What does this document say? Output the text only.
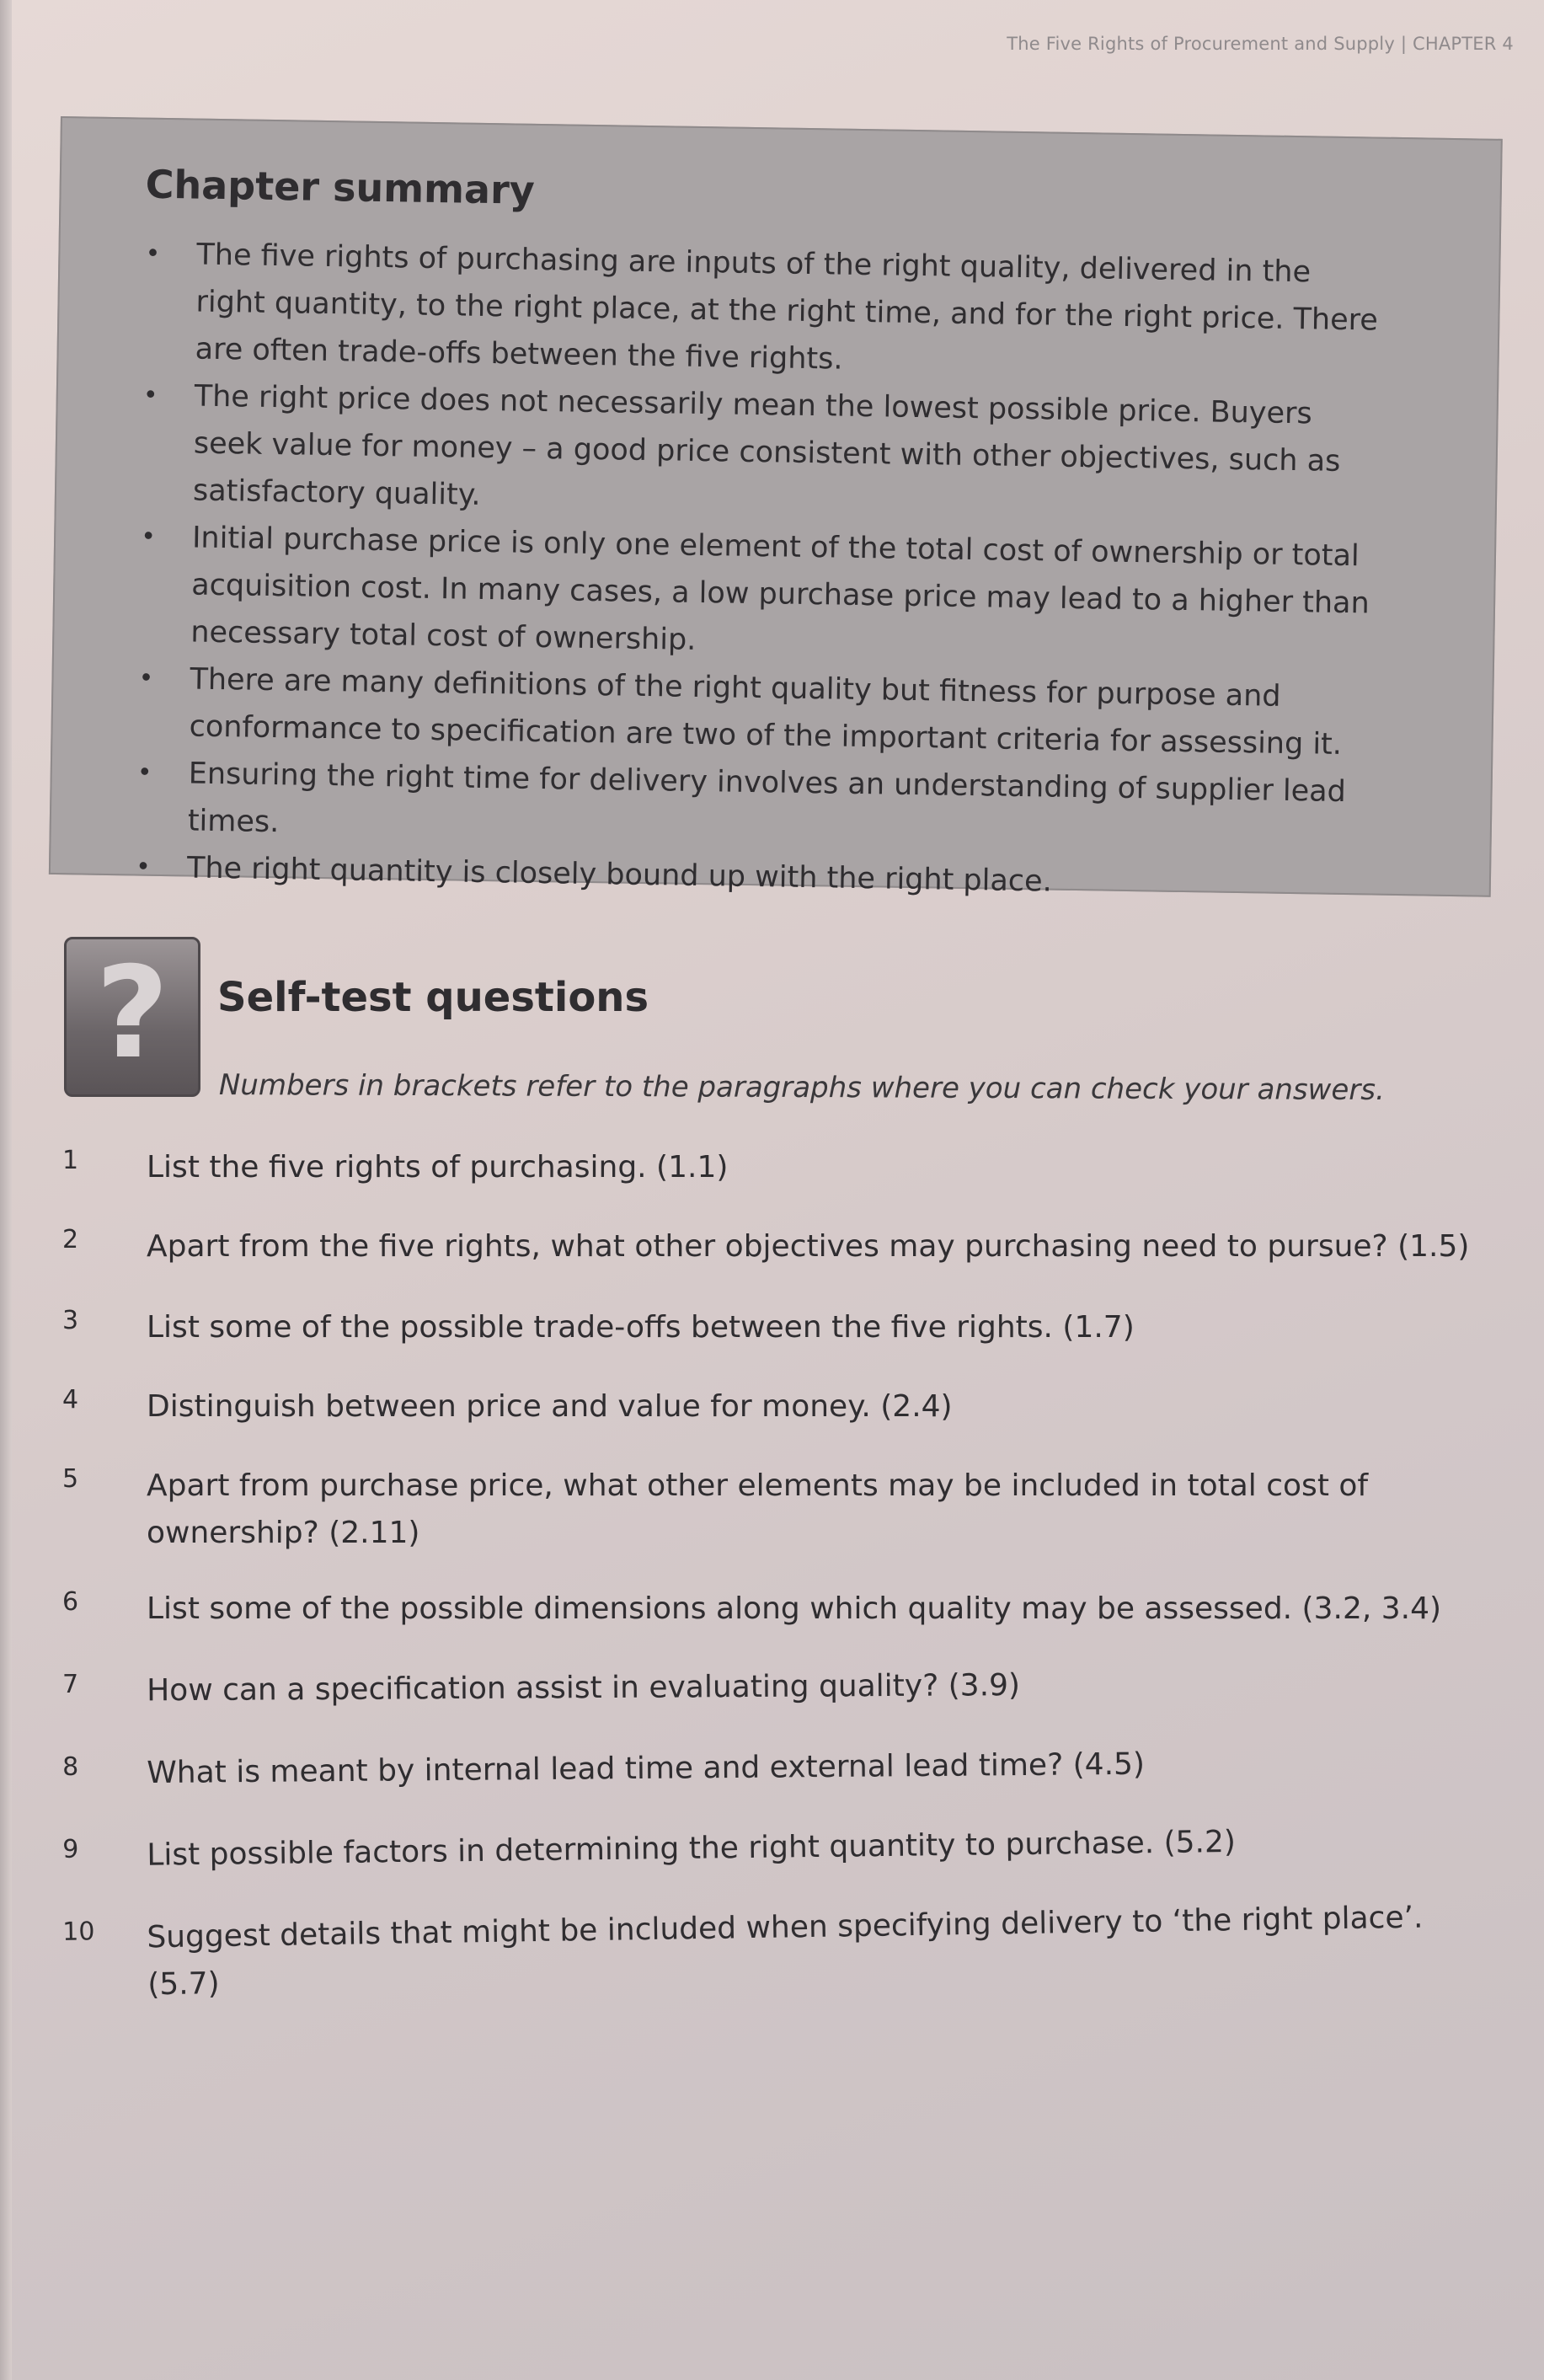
The Five Rights of Procurement and Supply | CHAPTER 4
Chapter summary
• The five rights of purchasing are inputs of the right quality, delivered in the right quantity, to the right place, at the right time, and for the right price. There are often trade-offs between the five rights.
• The right price does not necessarily mean the lowest possible price. Buyers seek value for money – a good price consistent with other objectives, such as satisfactory quality.
• Initial purchase price is only one element of the total cost of ownership or total acquisition cost. In many cases, a low purchase price may lead to a higher than necessary total cost of ownership.
• There are many definitions of the right quality but fitness for purpose and conformance to specification are two of the important criteria for assessing it.
• Ensuring the right time for delivery involves an understanding of supplier lead times.
• The right quantity is closely bound up with the right place.
? Self-test questions
Numbers in brackets refer to the paragraphs where you can check your answers.
1	List the five rights of purchasing. (1.1)
2	Apart from the five rights, what other objectives may purchasing need to pursue? (1.5)
3	List some of the possible trade-offs between the five rights. (1.7)
4	Distinguish between price and value for money. (2.4)
5	Apart from purchase price, what other elements may be included in total cost of ownership? (2.11)
6	List some of the possible dimensions along which quality may be assessed. (3.2, 3.4)
7	How can a specification assist in evaluating quality? (3.9)
8	What is meant by internal lead time and external lead time? (4.5)
9	List possible factors in determining the right quantity to purchase. (5.2)
10	Suggest details that might be included when specifying delivery to ‘the right place’. (5.7)
